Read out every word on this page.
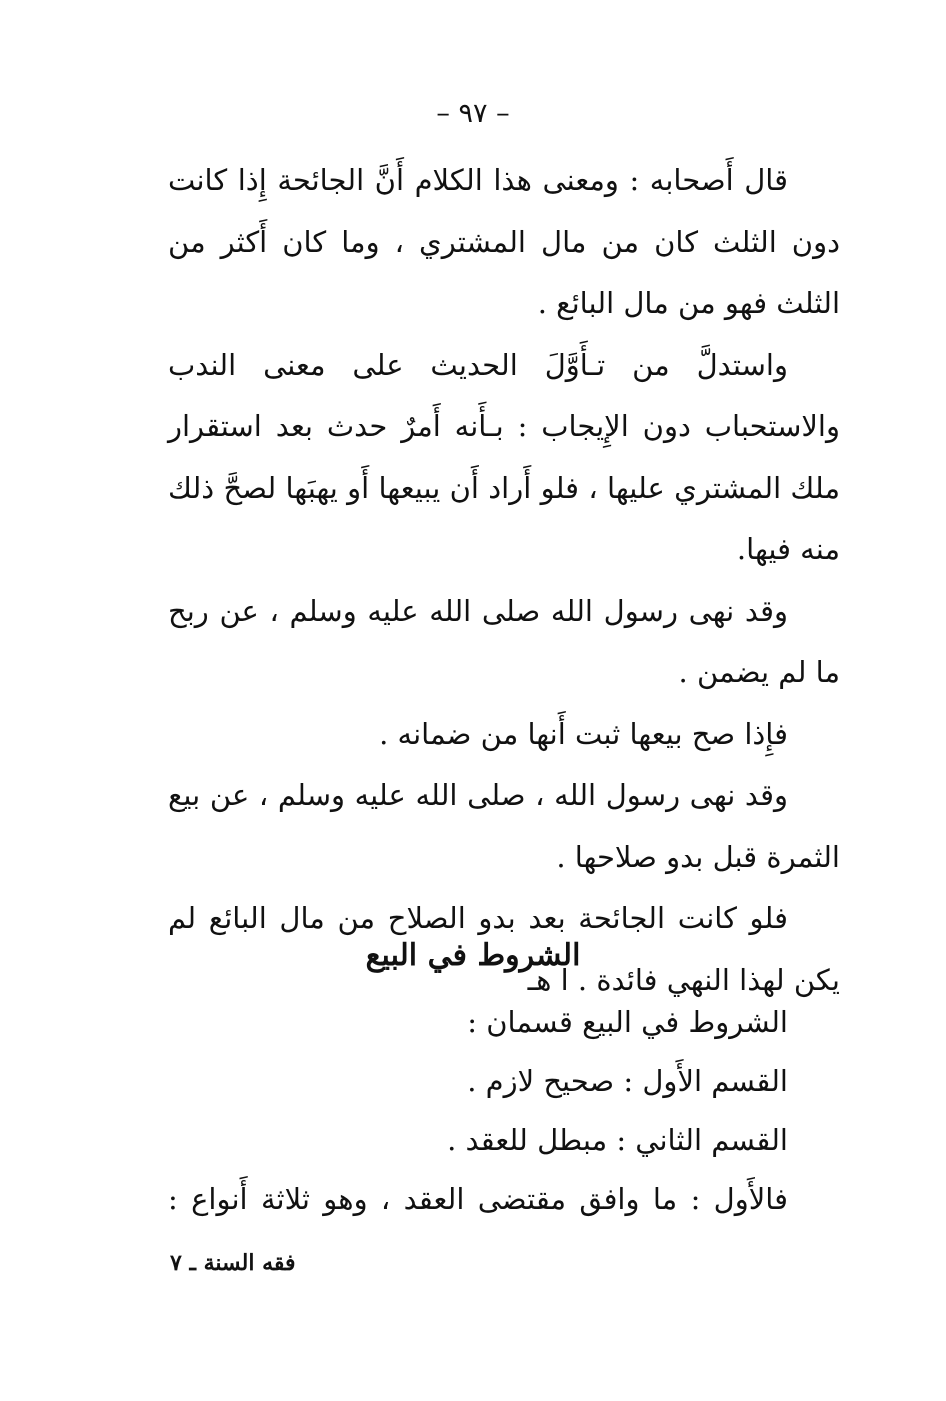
– ٩٧ –

قال أَصحابه : ومعنى هذا الكلام أَنَّ الجائحة إِذا كانت دون الثلث كان من مال المشتري ، وما كان أَكثر من الثلث فهو من مال البائع .

واستدلَّ من تـأَوَّلَ الحديث على معنى الندب والاستحباب دون الإِيجاب : بـأَنه أَمرٌ حدث بعد استقرار ملك المشتري عليها ، فلو أَراد أَن يبيعها أَو يهبَها لصحَّ ذلك منه فيها.

وقد نهى رسول الله صلى الله عليه وسلم ، عن ربح ما لم يضمن .

فإِذا صح بيعها ثبت أَنها من ضمانه .

وقد نهى رسول الله ، صلى الله عليه وسلم ، عن بيع الثمرة قبل بدو صلاحها .

فلو كانت الجائحة بعد بدو الصلاح من مال البائع لم يكن لهذا النهي فائدة . ا هـ

الشروط في البيع

الشروط في البيع قسمان :

القسم الأَول : صحيح لازم .

القسم الثاني : مبطل للعقد .

فالأَول : ما وافق مقتضى العقد ، وهو ثلاثة أَنواع :

فقه السنة ـ ٧
